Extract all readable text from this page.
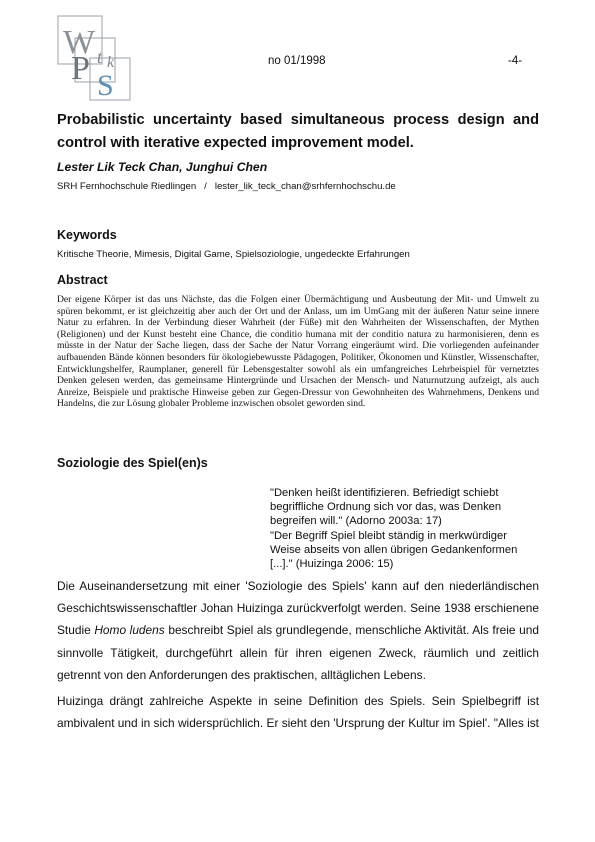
W
P t k
S
no 01/1998	-4-
Probabilistic uncertainty based simultaneous process design and control with iterative expected improvement model.
Lester Lik Teck Chan, Junghui Chen
SRH Fernhochschule Riedlingen   /   lester_lik_teck_chan@srhfernhochschu.de
Keywords
Kritische Theorie, Mimesis, Digital Game, Spielsoziologie, ungedeckte Erfahrungen
Abstract
Der eigene Körper ist das uns Nächste, das die Folgen einer Übermächtigung und Ausbeutung der Mit- und Umwelt zu spüren bekommt, er ist gleichzeitig aber auch der Ort und der Anlass, um im UmGang mit der äußeren Natur seine innere Natur zu erfahren. In der Verbindung dieser Wahrheit (der Füße) mit den Wahrheiten der Wissenschaften, der Mythen (Religionen) und der Kunst besteht eine Chance, die conditio humana mit der conditio natura zu harmonisieren, denn es müsste in der Natur der Sache liegen, dass der Sache der Natur Vorrang eingeräumt wird. Die vorliegenden aufeinander aufbauenden Bände können besonders für ökologiebewusste Pädagogen, Politiker, Ökonomen und Künstler, Wissenschafter, Entwicklungshelfer, Raumplaner, generell für Lebensgestalter sowohl als ein umfangreiches Lehrbeispiel für vernetztes Denken gelesen werden, das gemeinsame Hintergründe und Ursachen der Mensch- und Naturnutzung aufzeigt, als auch Anreize, Beispiele und praktische Hinweise geben zur Gegen-Dressur von Gewohnheiten des Wahrnehmens, Denkens und Handelns, die zur Lösung globaler Probleme inzwischen obsolet geworden sind.
Soziologie des Spiel(en)s
"Denken heißt identifizieren. Befriedigt schiebt begriffliche Ordnung sich vor das, was Denken begreifen will." (Adorno 2003a: 17)
"Der Begriff Spiel bleibt ständig in merkwürdiger Weise abseits von allen übrigen Gedankenformen [...]." (Huizinga 2006: 15)
Die Auseinandersetzung mit einer 'Soziologie des Spiels' kann auf den niederländischen Geschichtswissenschaftler Johan Huizinga zurückverfolgt werden. Seine 1938 erschienene Studie Homo ludens beschreibt Spiel als grundlegende, menschliche Aktivität. Als freie und sinnvolle Tätigkeit, durchgeführt allein für ihren eigenen Zweck, räumlich und zeitlich getrennt von den Anforderungen des praktischen, alltäglichen Lebens.
Huizinga drängt zahlreiche Aspekte in seine Definition des Spiels. Sein Spielbegriff ist ambivalent und in sich widersprüchlich. Er sieht den 'Ursprung der Kultur im Spiel'. "Alles ist
